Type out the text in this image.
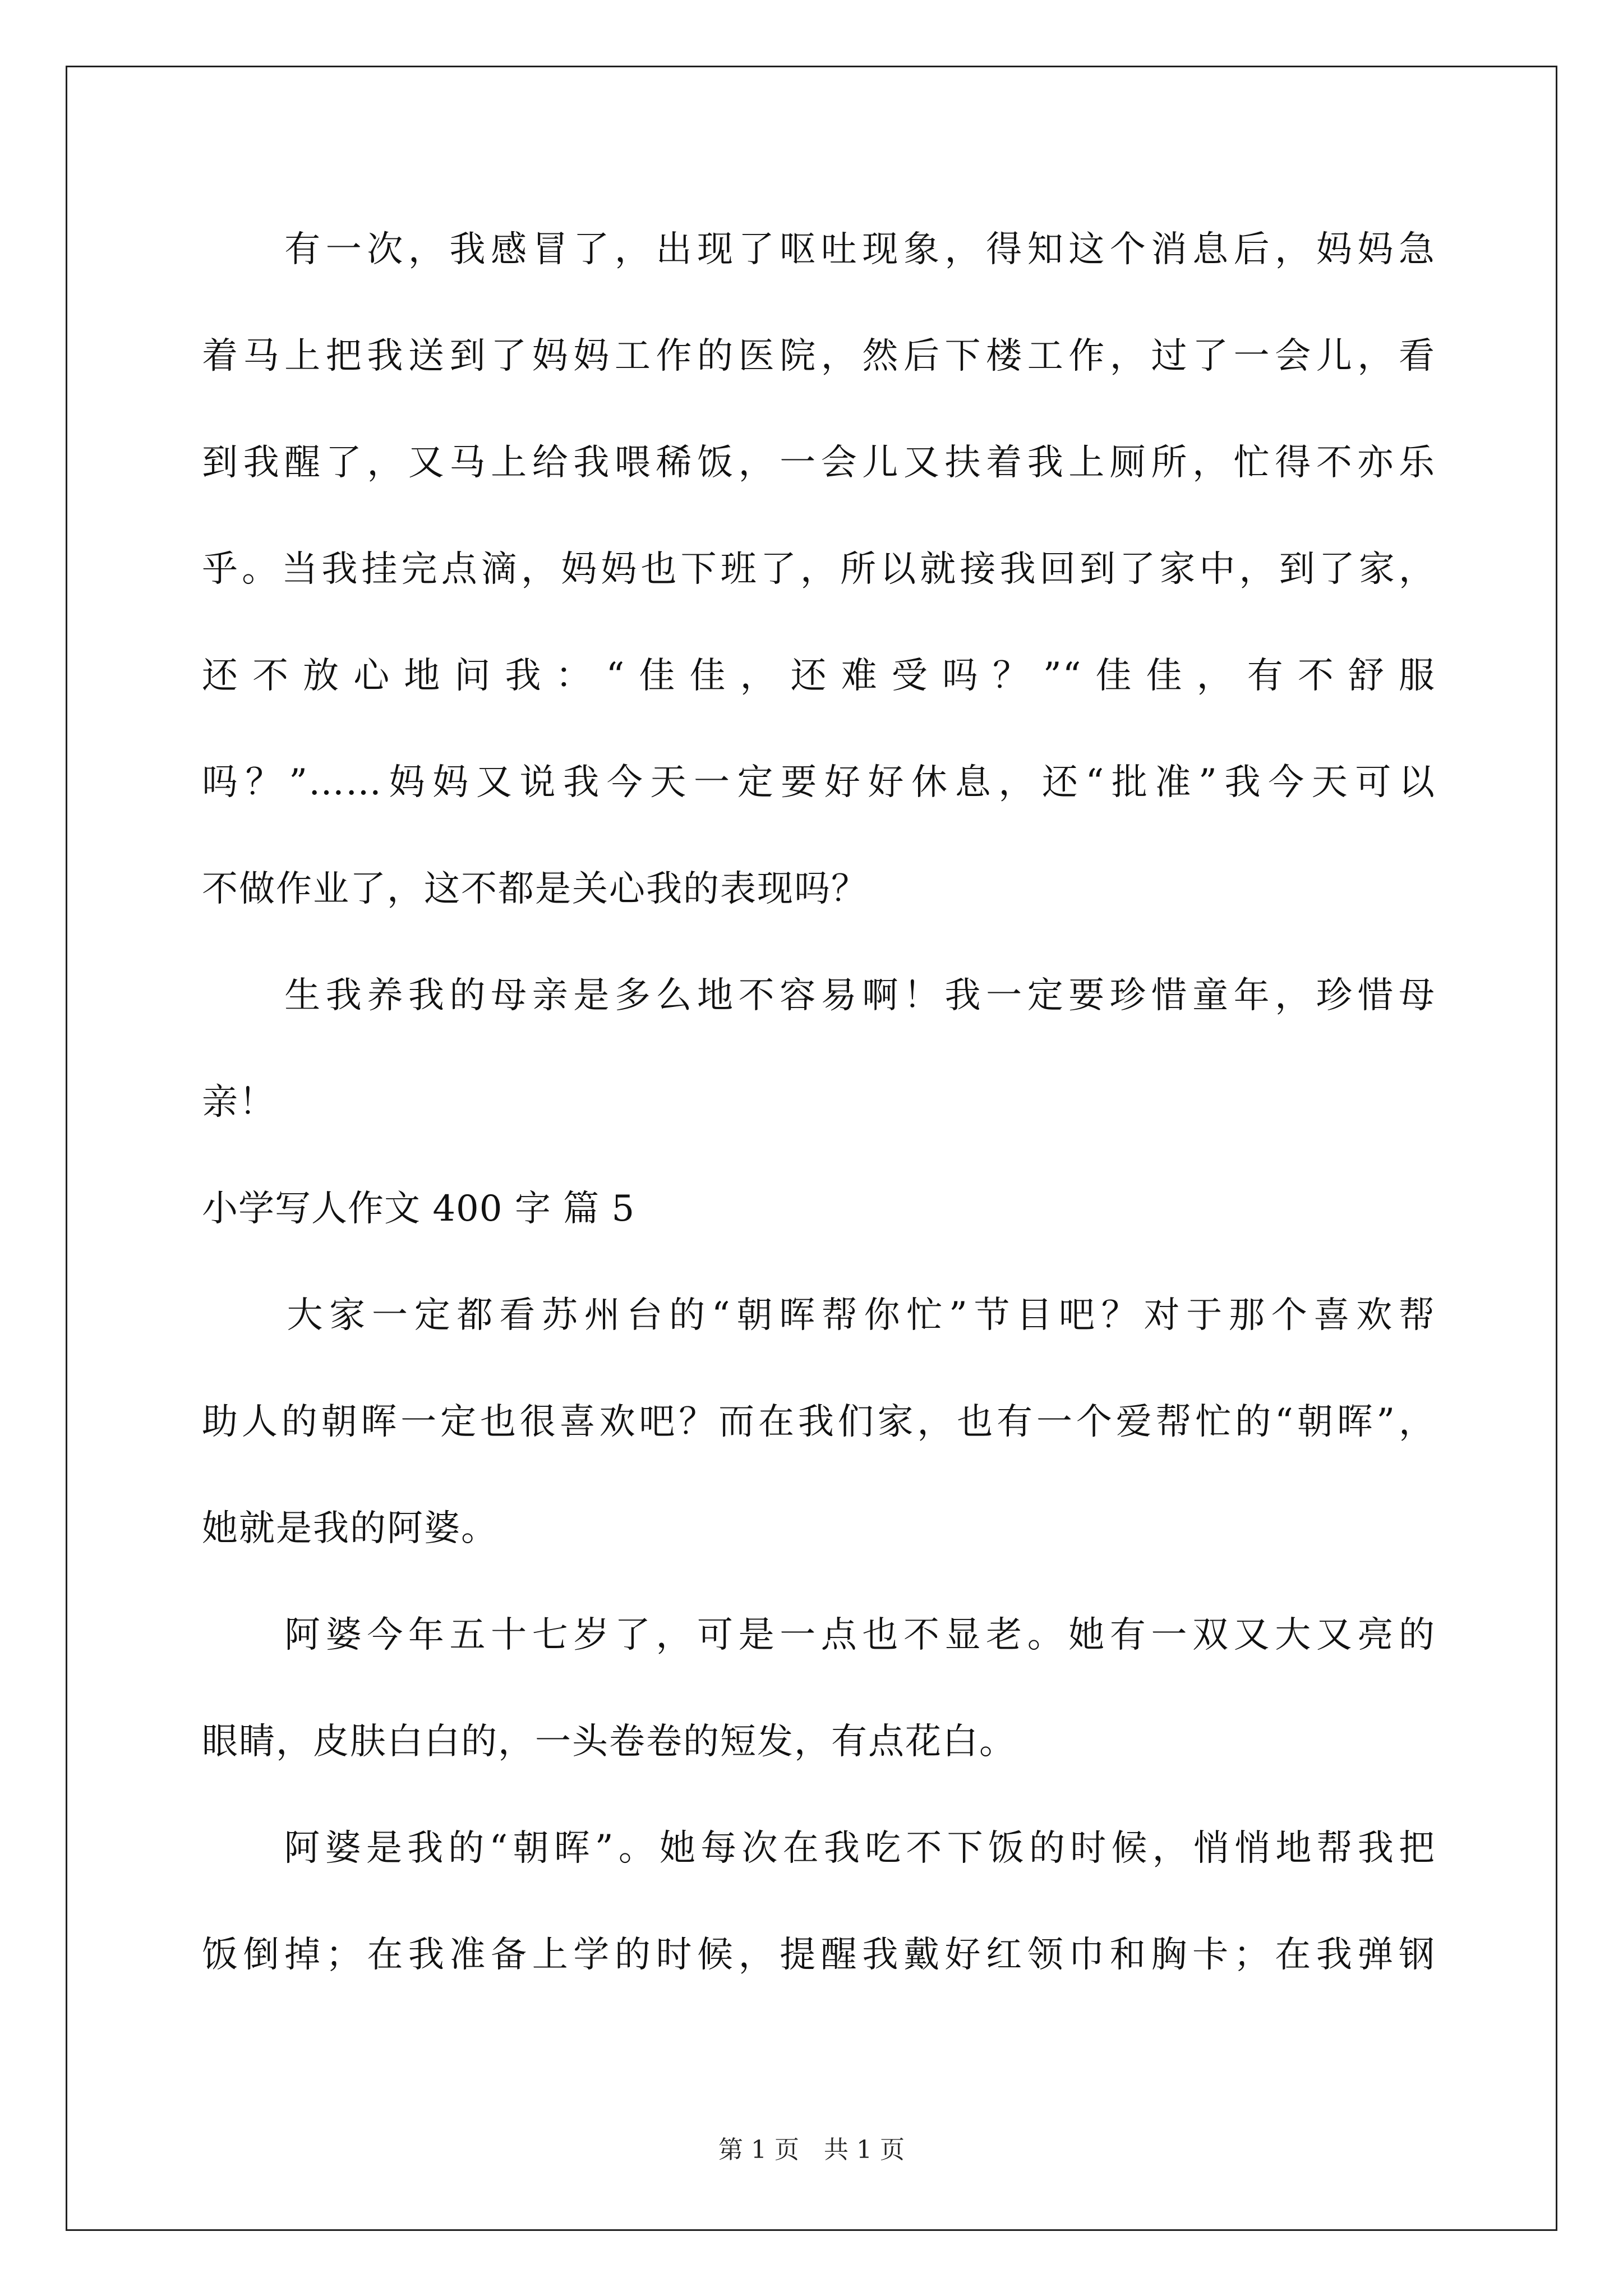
　　有一次，我感冒了，出现了呕吐现象，得知这个消息后，妈妈急
着马上把我送到了妈妈工作的医院，然后下楼工作，过了一会儿，看
到我醒了，又马上给我喂稀饭，一会儿又扶着我上厕所，忙得不亦乐
乎。当我挂完点滴，妈妈也下班了，所以就接我回到了家中，到了家，
还不放心地问我：“佳佳，还难受吗？”“佳佳，有不舒服
吗？”……妈妈又说我今天一定要好好休息，还“批准”我今天可以
不做作业了，这不都是关心我的表现吗？
　　生我养我的母亲是多么地不容易啊！我一定要珍惜童年，珍惜母
亲！
小学写人作文 400 字 篇 5
　　大家一定都看苏州台的“朝晖帮你忙”节目吧？对于那个喜欢帮
助人的朝晖一定也很喜欢吧？而在我们家，也有一个爱帮忙的“朝晖”，
她就是我的阿婆。
　　阿婆今年五十七岁了，可是一点也不显老。她有一双又大又亮的
眼睛，皮肤白白的，一头卷卷的短发，有点花白。
　　阿婆是我的“朝晖”。她每次在我吃不下饭的时候，悄悄地帮我把
饭倒掉；在我准备上学的时候，提醒我戴好红领巾和胸卡；在我弹钢
第 1 页　共 1 页
